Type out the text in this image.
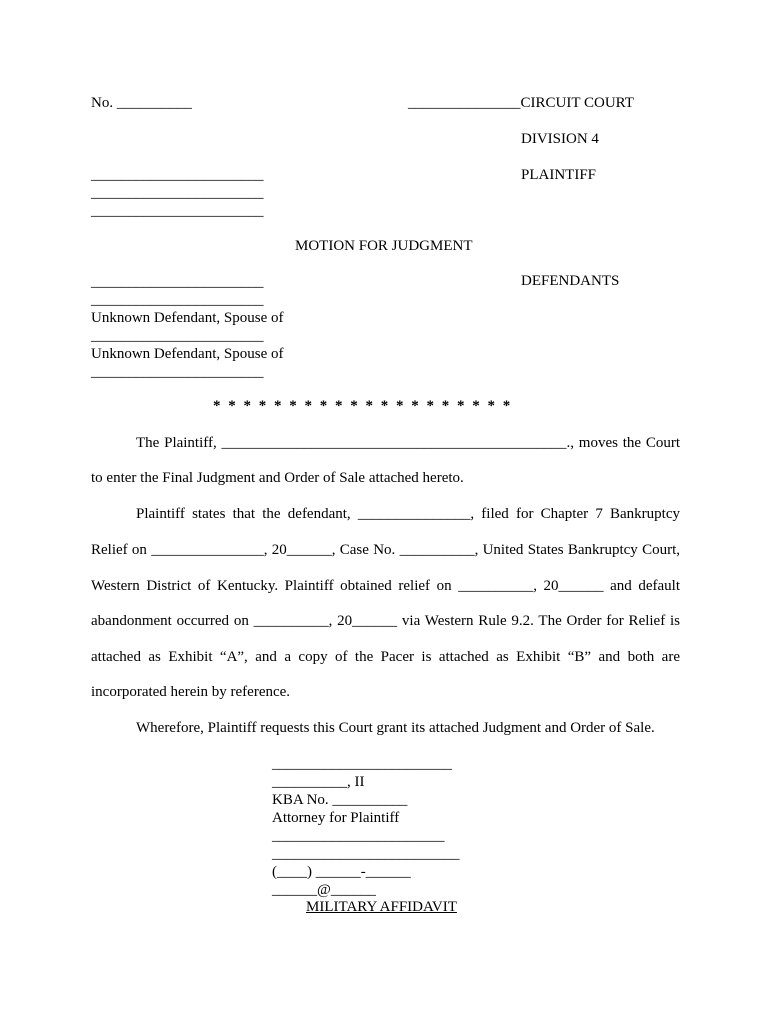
No. __________	_______________CIRCUIT COURT
DIVISION 4
PLAINTIFF
_______________________
_______________________
_______________________
MOTION FOR JUDGMENT
DEFENDANTS
_______________________
_______________________
Unknown Defendant, Spouse of
_______________________
Unknown Defendant, Spouse of
_______________________
* * * * * * * * * * * * * * * * * * * *
The Plaintiff, ______________________________________________., moves the Court
to enter the Final Judgment and Order of Sale attached hereto.
Plaintiff states that the defendant, _______________, filed for Chapter 7 Bankruptcy
Relief on _______________, 20______, Case No. __________, United States Bankruptcy Court,
Western District of Kentucky. Plaintiff obtained relief on __________, 20______ and default
abandonment occurred on __________, 20______ via Western Rule 9.2. The Order for Relief is
attached as Exhibit “A”, and a copy of the Pacer is attached as Exhibit “B” and both are
incorporated herein by reference.
Wherefore, Plaintiff requests this Court grant its attached Judgment and Order of Sale.
________________________
__________, II
KBA No. __________
Attorney for Plaintiff
_______________________
_________________________
(____) ______-______
______@______
MILITARY AFFIDAVIT
